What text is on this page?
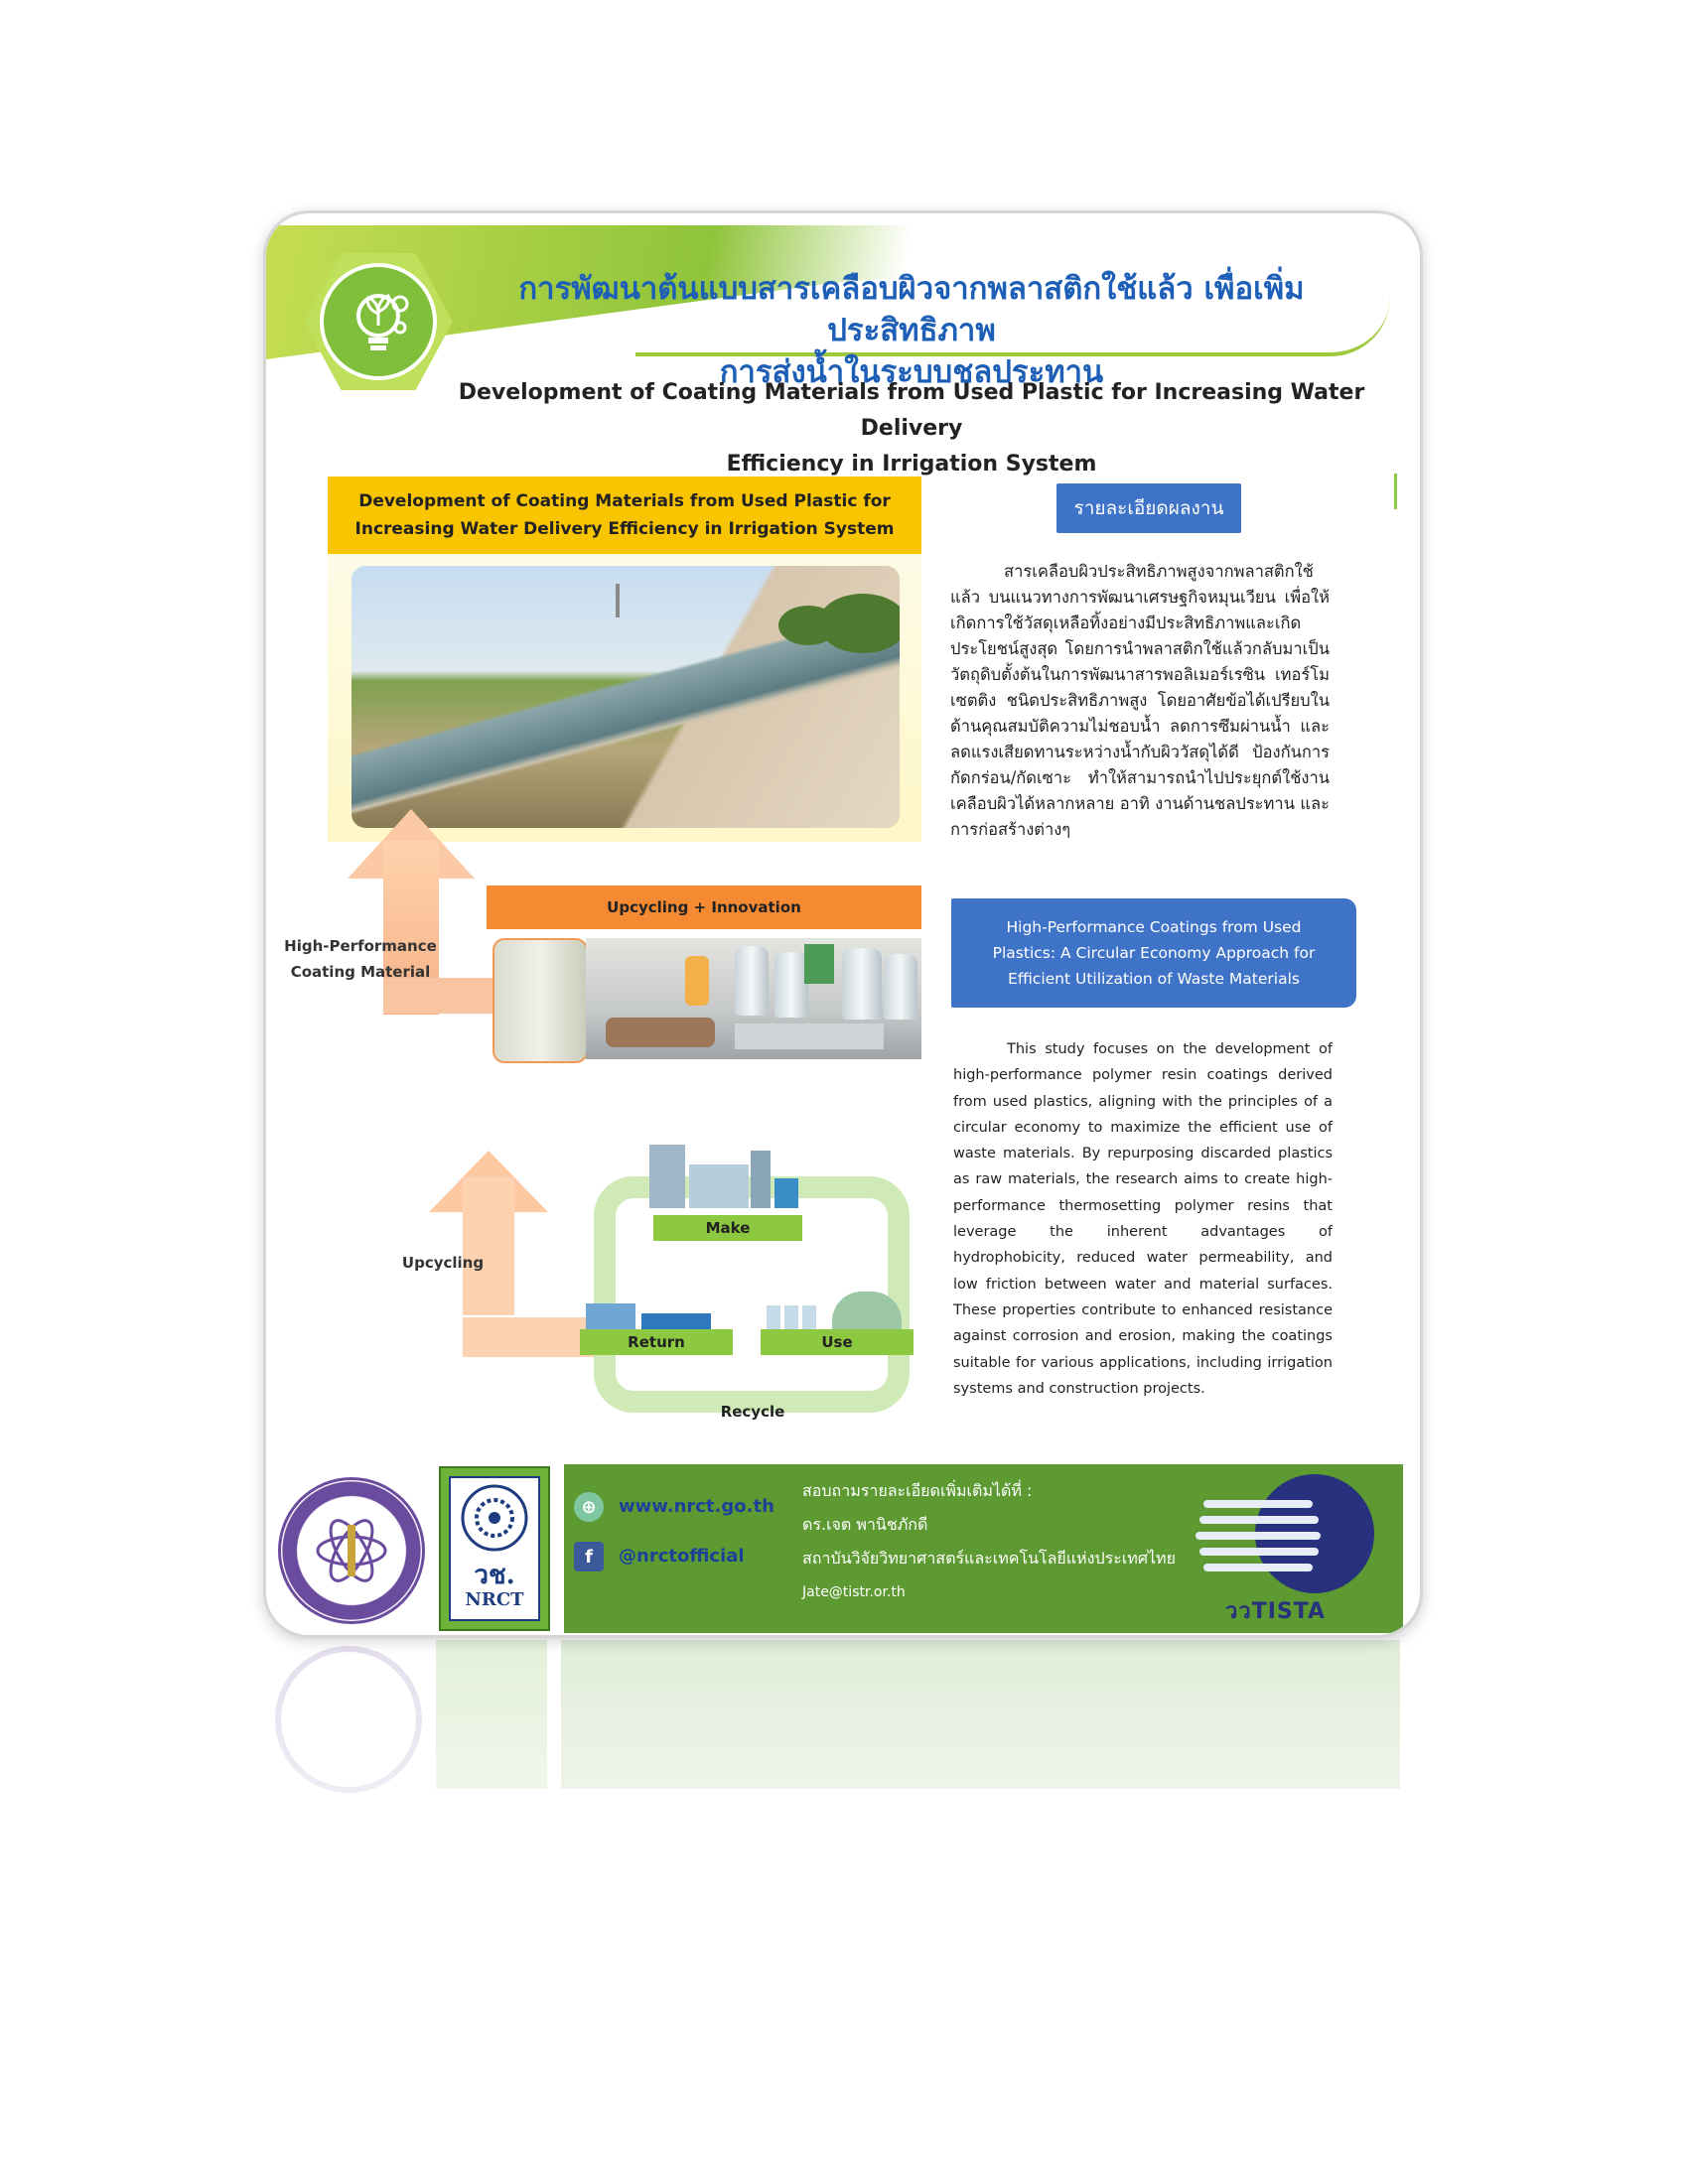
การพัฒนาต้นแบบสารเคลือบผิวจากพลาสติกใช้แล้ว เพื่อเพิ่มประสิทธิภาพ
การส่งน้ำในระบบชลประทาน
Development of Coating Materials from Used Plastic for Increasing Water Delivery
Efficiency in Irrigation System
Development of Coating Materials from Used Plastic for
Increasing Water Delivery Efficiency in Irrigation System
High-Performance
Coating Material
Upcycling + Innovation
Upcycling
Make
Return	Use
Recycle
รายละเอียดผลงาน
สารเคลือบผิวประสิทธิภาพสูงจากพลาสติกใช้แล้ว บนแนวทางการพัฒนาเศรษฐกิจหมุนเวียน เพื่อให้เกิดการใช้วัสดุเหลือทิ้งอย่างมีประสิทธิภาพและเกิดประโยชน์สูงสุด โดยการนำพลาสติกใช้แล้วกลับมาเป็นวัตถุดิบตั้งต้นในการพัฒนาสารพอลิเมอร์เรซิน เทอร์โมเซตติง ชนิดประสิทธิภาพสูง โดยอาศัยข้อได้เปรียบในด้านคุณสมบัติความไม่ชอบน้ำ ลดการซึมผ่านน้ำ และลดแรงเสียดทานระหว่างน้ำกับผิววัสดุได้ดี ป้องกันการกัดกร่อน/กัดเซาะ ทำให้สามารถนำไปประยุกต์ใช้งานเคลือบผิวได้หลากหลาย อาทิ งานด้านชลประทาน และการก่อสร้างต่างๆ
High-Performance Coatings from Used
Plastics: A Circular Economy Approach for
Efficient Utilization of Waste Materials
This study focuses on the development of high-performance polymer resin coatings derived from used plastics, aligning with the principles of a circular economy to maximize the efficient use of waste materials. By repurposing discarded plastics as raw materials, the research aims to create high-performance thermosetting polymer resins that leverage the inherent advantages of hydrophobicity, reduced water permeability, and low friction between water and material surfaces. These properties contribute to enhanced resistance against corrosion and erosion, making the coatings suitable for various applications, including irrigation systems and construction projects.
วช.
NRCT
⊕	www.nrct.go.th
f	@nrctofficial
สอบถามรายละเอียดเพิ่มเติมได้ที่ :
ดร.เจต พานิชภักดี
สถาบันวิจัยวิทยาศาสตร์และเทคโนโลยีแห่งประเทศไทย
Jate@tistr.or.th
ววTISTA
